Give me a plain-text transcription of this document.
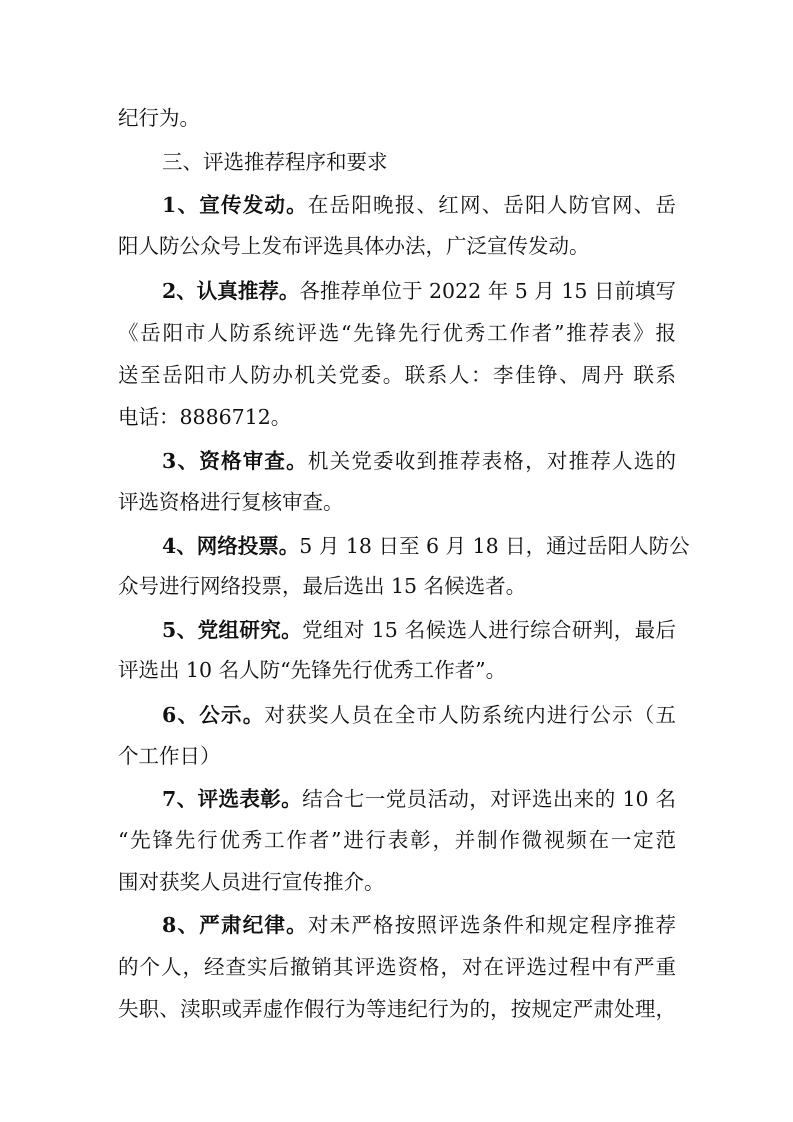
纪行为。
三、评选推荐程序和要求
1、宣传发动。在岳阳晚报、红网、岳阳人防官网、岳
阳人防公众号上发布评选具体办法，广泛宣传发动。
2、认真推荐。各推荐单位于 2022 年 5 月 15 日前填写
《岳阳市人防系统评选“先锋先行优秀工作者”推荐表》报
送至岳阳市人防办机关党委。联系人：李佳铮、周丹 联系
电话：8886712。
3、资格审查。机关党委收到推荐表格，对推荐人选的
评选资格进行复核审查。
4、网络投票。5 月 18 日至 6 月 18 日，通过岳阳人防公
众号进行网络投票，最后选出 15 名候选者。
5、党组研究。党组对 15 名候选人进行综合研判，最后
评选出 10 名人防“先锋先行优秀工作者”。
6、公示。对获奖人员在全市人防系统内进行公示（五
个工作日）
7、评选表彰。结合七一党员活动，对评选出来的 10 名
“先锋先行优秀工作者”进行表彰，并制作微视频在一定范
围对获奖人员进行宣传推介。
8、严肃纪律。对未严格按照评选条件和规定程序推荐
的个人，经查实后撤销其评选资格，对在评选过程中有严重
失职、渎职或弄虚作假行为等违纪行为的，按规定严肃处理，
